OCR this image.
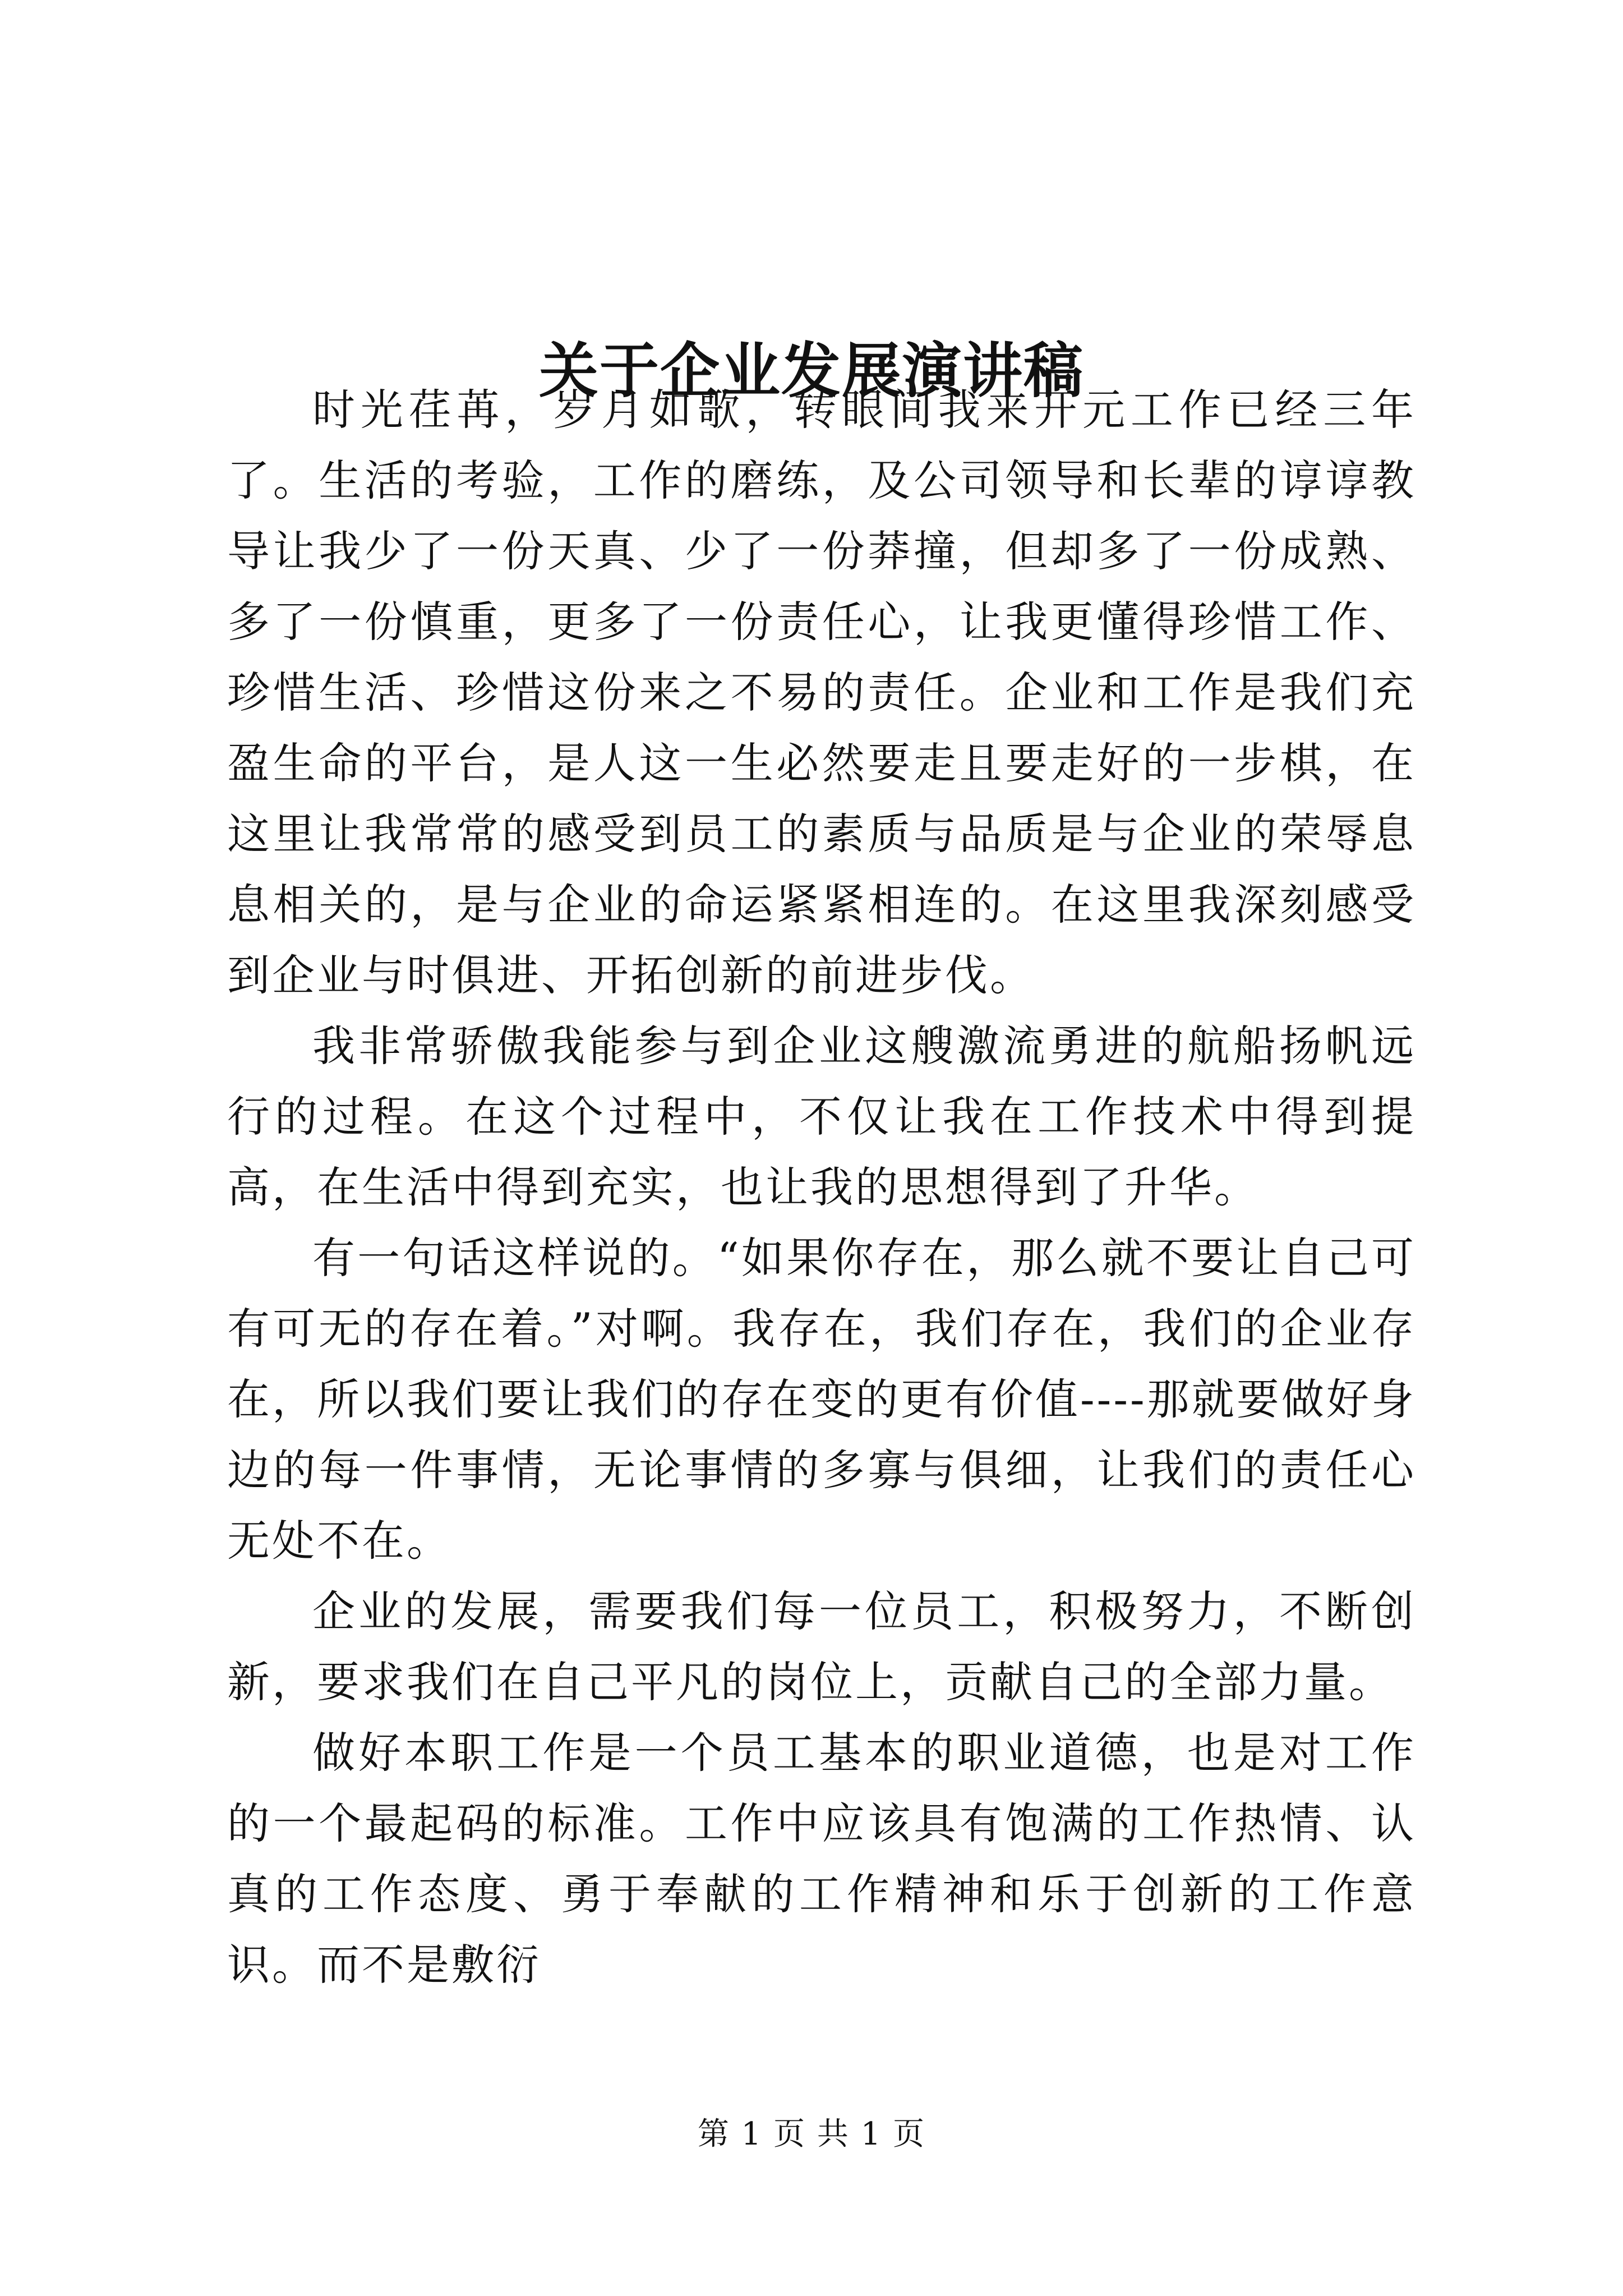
关于企业发展演讲稿

时光荏苒，岁月如歌，转眼间我来开元工作已经三年了。生活的考验，工作的磨练，及公司领导和长辈的谆谆教导让我少了一份天真、少了一份莽撞，但却多了一份成熟、多了一份慎重，更多了一份责任心，让我更懂得珍惜工作、珍惜生活、珍惜这份来之不易的责任。企业和工作是我们充盈生命的平台，是人这一生必然要走且要走好的一步棋，在这里让我常常的感受到员工的素质与品质是与企业的荣辱息息相关的，是与企业的命运紧紧相连的。在这里我深刻感受到企业与时俱进、开拓创新的前进步伐。

我非常骄傲我能参与到企业这艘激流勇进的航船扬帆远行的过程。在这个过程中，不仅让我在工作技术中得到提高，在生活中得到充实，也让我的思想得到了升华。

有一句话这样说的。“如果你存在，那么就不要让自己可有可无的存在着。”对啊。我存在，我们存在，我们的企业存在，所以我们要让我们的存在变的更有价值----那就要做好身边的每一件事情，无论事情的多寡与俱细，让我们的责任心无处不在。

企业的发展，需要我们每一位员工，积极努力，不断创新，要求我们在自己平凡的岗位上，贡献自己的全部力量。

做好本职工作是一个员工基本的职业道德，也是对工作的一个最起码的标准。工作中应该具有饱满的工作热情、认真的工作态度、勇于奉献的工作精神和乐于创新的工作意识。而不是敷衍

第 1 页 共 1 页
